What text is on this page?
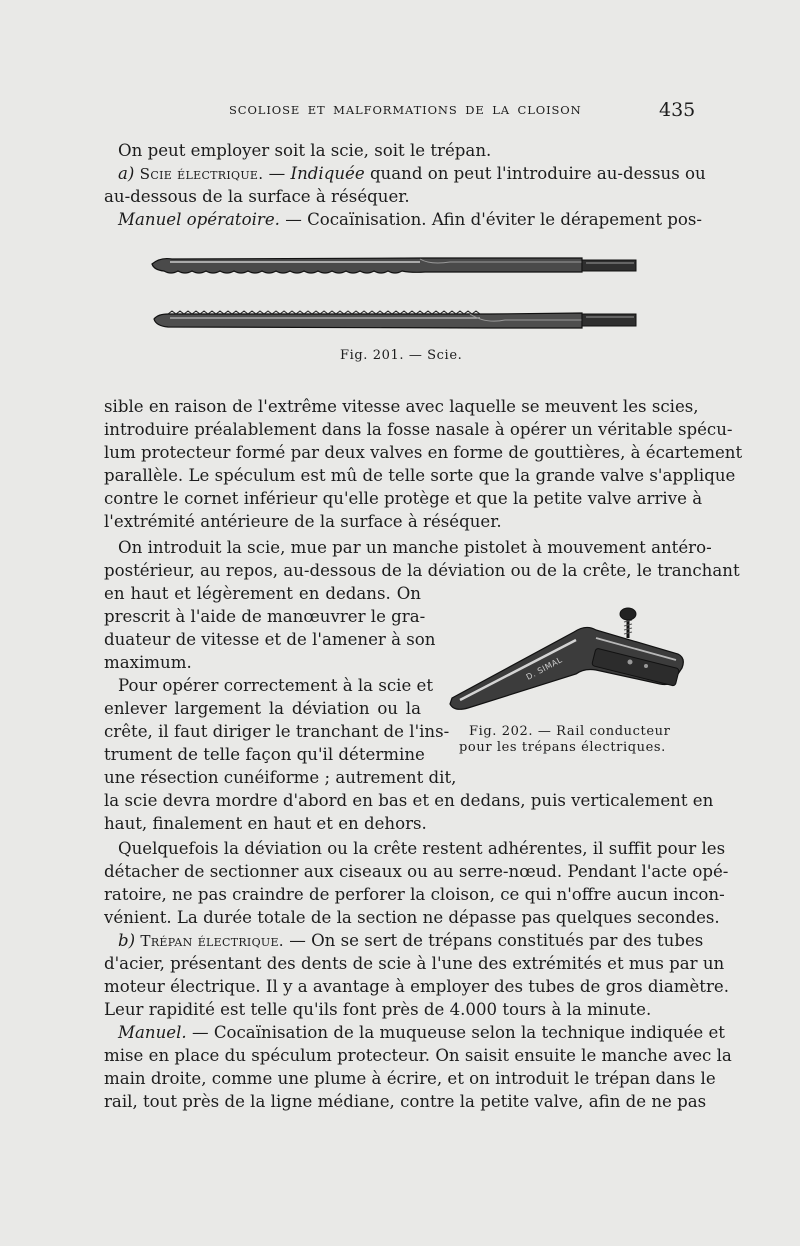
SCOLIOSE ET MALFORMATIONS DE LA CLOISON	435
On peut employer soit la scie, soit le trépan.
a) Scie électrique. — Indiquée quand on peut l'introduire au-dessus ou
au-dessous de la surface à réséquer.
Manuel opératoire. — Cocaïnisation. Afin d'éviter le dérapement pos-
Fig. 201. — Scie.
sible en raison de l'extrême vitesse avec laquelle se meuvent les scies,
introduire préalablement dans la fosse nasale à opérer un véritable spécu-
lum protecteur formé par deux valves en forme de gouttières, à écartement
parallèle. Le spéculum est mû de telle sorte que la grande valve s'applique
contre le cornet inférieur qu'elle protège et que la petite valve arrive à
l'extrémité antérieure de la surface à réséquer.
On introduit la scie, mue par un manche pistolet à mouvement antéro-
postérieur, au repos, au-dessous de la déviation ou de la crête, le tranchant
en haut et légèrement en dedans. On
prescrit à l'aide de manœuvrer le gra-
duateur de vitesse et de l'amener à son
maximum.
Pour opérer correctement à la scie et
enlever largement la déviation ou la
crête, il faut diriger le tranchant de l'ins-
trument de telle façon qu'il détermine
une résection cunéiforme ; autrement dit,
D. SIMAL
Fig. 202. — Rail conducteur
pour les trépans électriques.
la scie devra mordre d'abord en bas et en dedans, puis verticalement en
haut, finalement en haut et en dehors.
Quelquefois la déviation ou la crête restent adhérentes, il suffit pour les
détacher de sectionner aux ciseaux ou au serre-nœud. Pendant l'acte opé-
ratoire, ne pas craindre de perforer la cloison, ce qui n'offre aucun incon-
vénient. La durée totale de la section ne dépasse pas quelques secondes.
b) Trépan électrique. — On se sert de trépans constitués par des tubes
d'acier, présentant des dents de scie à l'une des extrémités et mus par un
moteur électrique. Il y a avantage à employer des tubes de gros diamètre.
Leur rapidité est telle qu'ils font près de 4.000 tours à la minute.
Manuel. — Cocaïnisation de la muqueuse selon la technique indiquée et
mise en place du spéculum protecteur. On saisit ensuite le manche avec la
main droite, comme une plume à écrire, et on introduit le trépan dans le
rail, tout près de la ligne médiane, contre la petite valve, afin de ne pas
